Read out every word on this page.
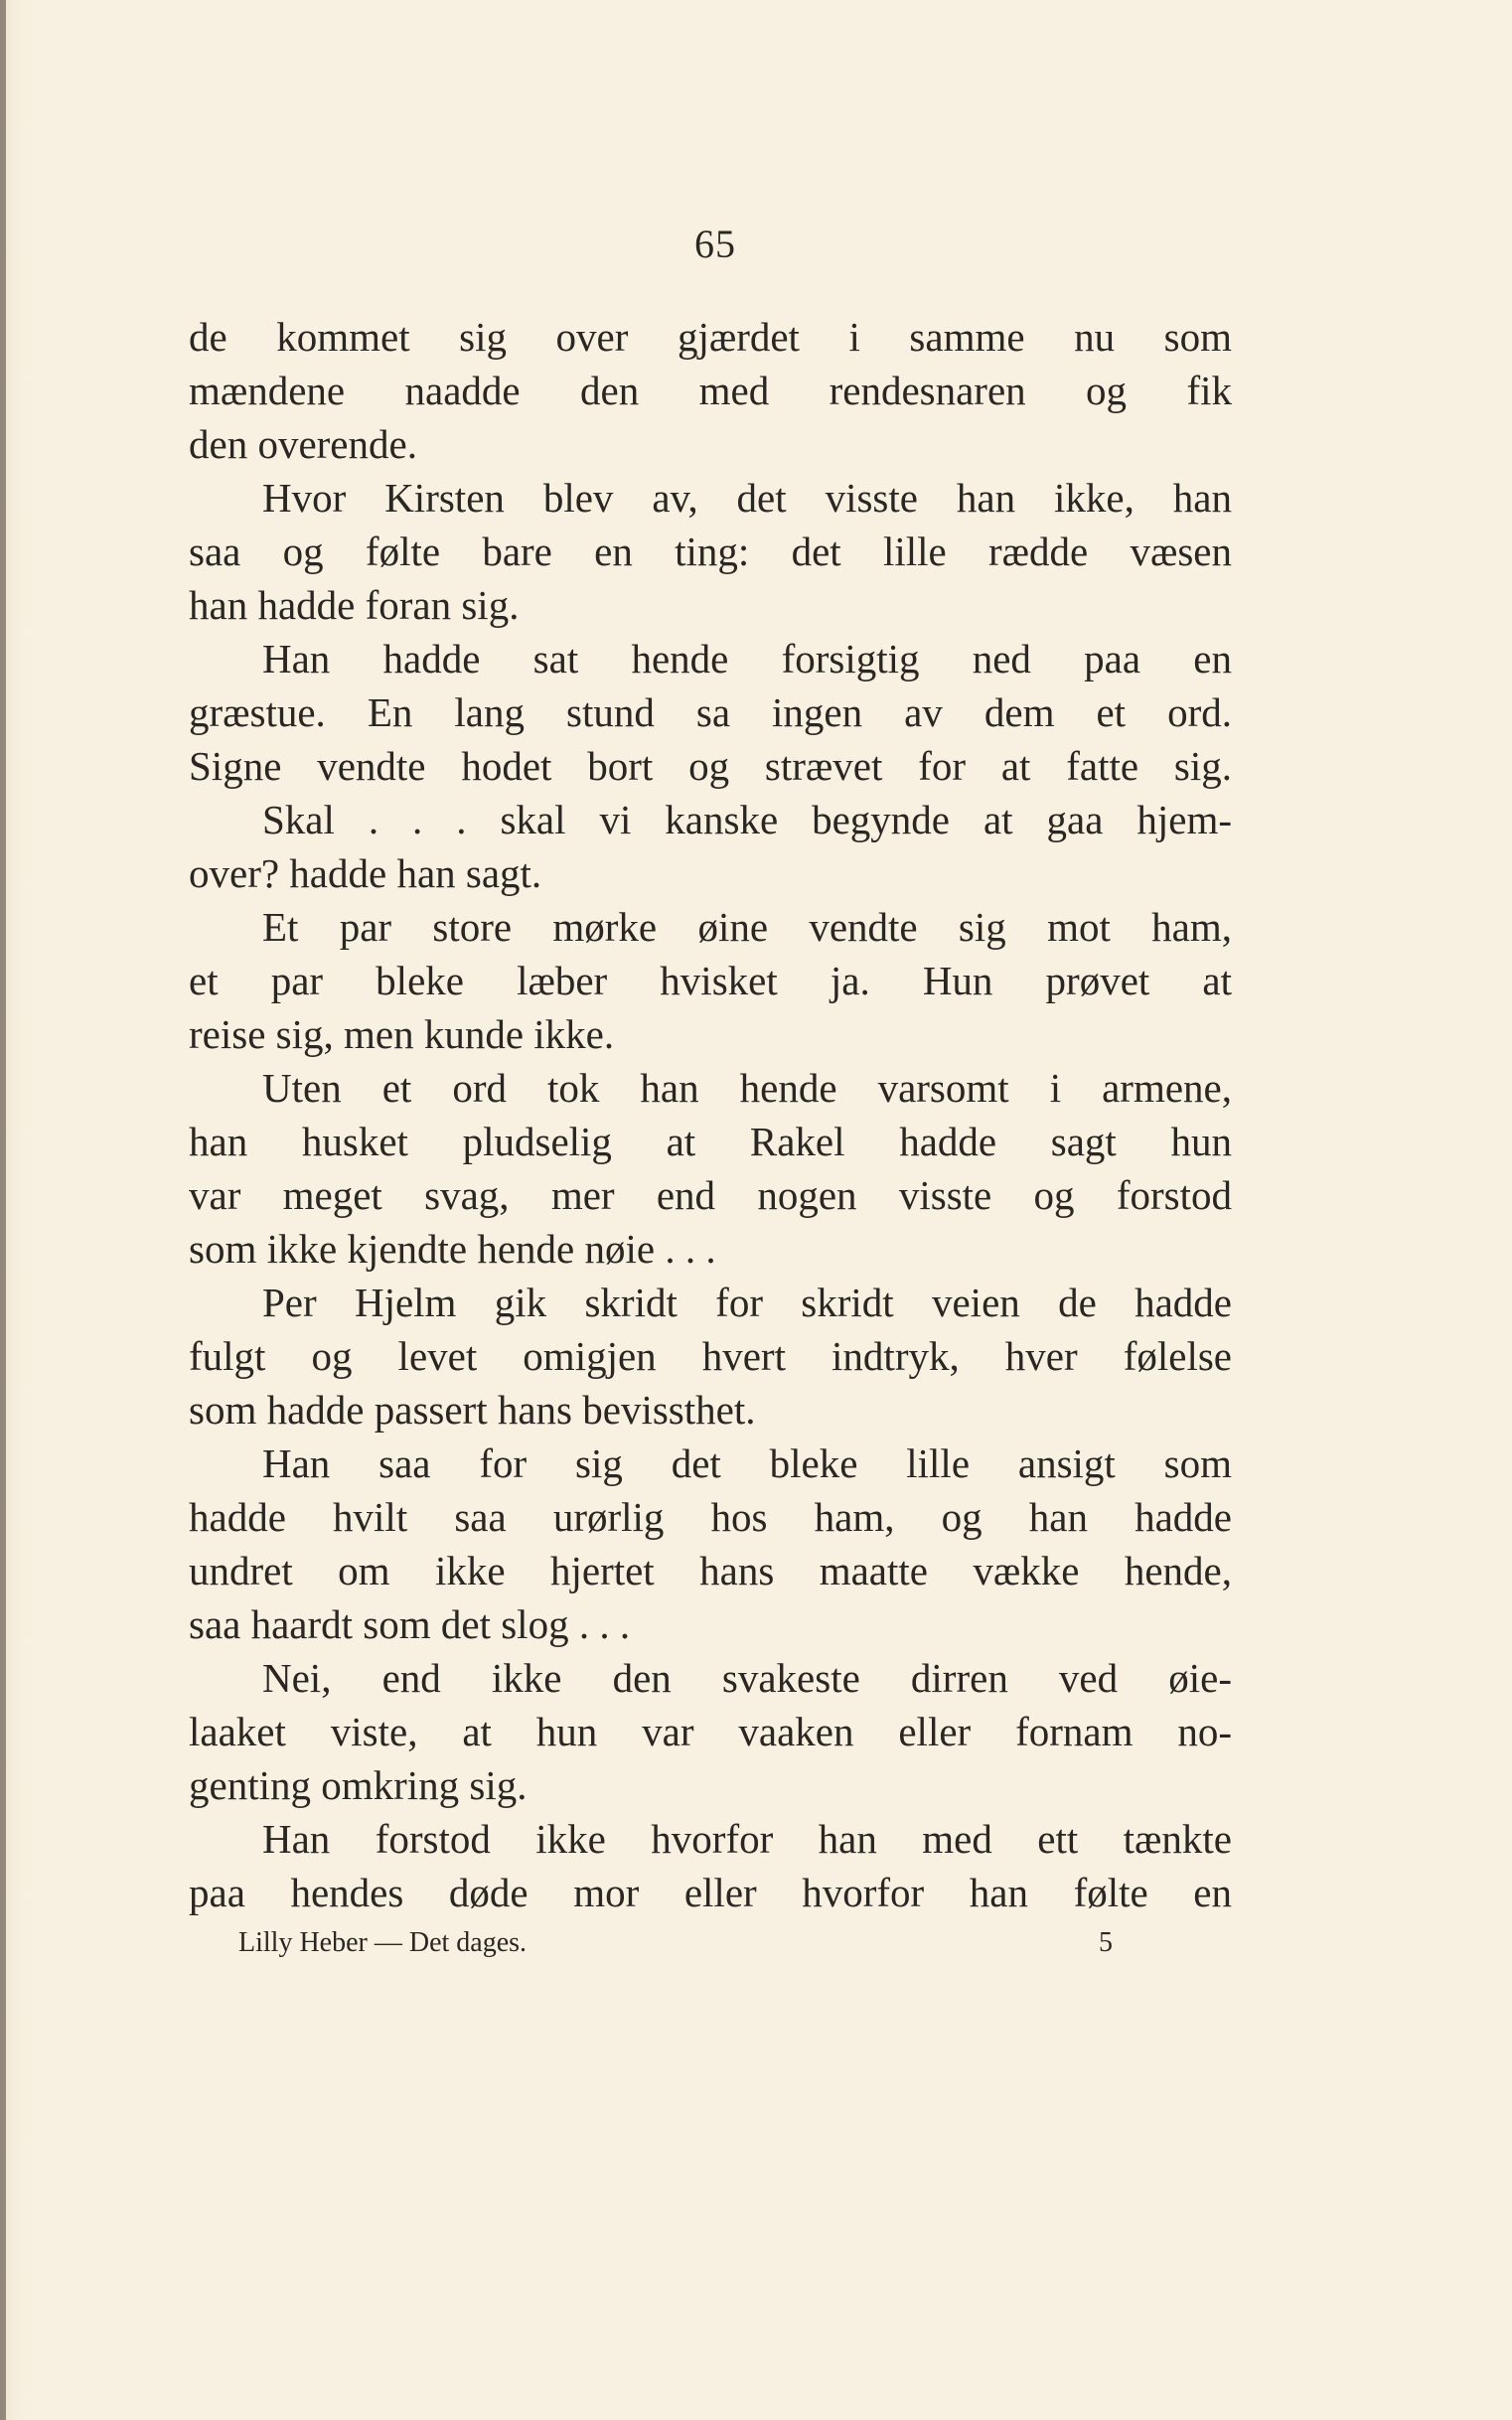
65
de kommet sig over gjærdet i samme nu som
mændene naadde den med rendesnaren og fik
den overende.
Hvor Kirsten blev av, det visste han ikke, han
saa og følte bare en ting: det lille rædde væsen
han hadde foran sig.
Han hadde sat hende forsigtig ned paa en
græstue. En lang stund sa ingen av dem et ord.
Signe vendte hodet bort og strævet for at fatte sig.
Skal . . . skal vi kanske begynde at gaa hjem-
over? hadde han sagt.
Et par store mørke øine vendte sig mot ham,
et par bleke læber hvisket ja. Hun prøvet at
reise sig, men kunde ikke.
Uten et ord tok han hende varsomt i armene,
han husket pludselig at Rakel hadde sagt hun
var meget svag, mer end nogen visste og forstod
som ikke kjendte hende nøie . . .
Per Hjelm gik skridt for skridt veien de hadde
fulgt og levet omigjen hvert indtryk, hver følelse
som hadde passert hans bevissthet.
Han saa for sig det bleke lille ansigt som
hadde hvilt saa urørlig hos ham, og han hadde
undret om ikke hjertet hans maatte vække hende,
saa haardt som det slog . . .
Nei, end ikke den svakeste dirren ved øie-
laaket viste, at hun var vaaken eller fornam no-
genting omkring sig.
Han forstod ikke hvorfor han med ett tænkte
paa hendes døde mor eller hvorfor han følte en
Lilly Heber — Det dages.	5
